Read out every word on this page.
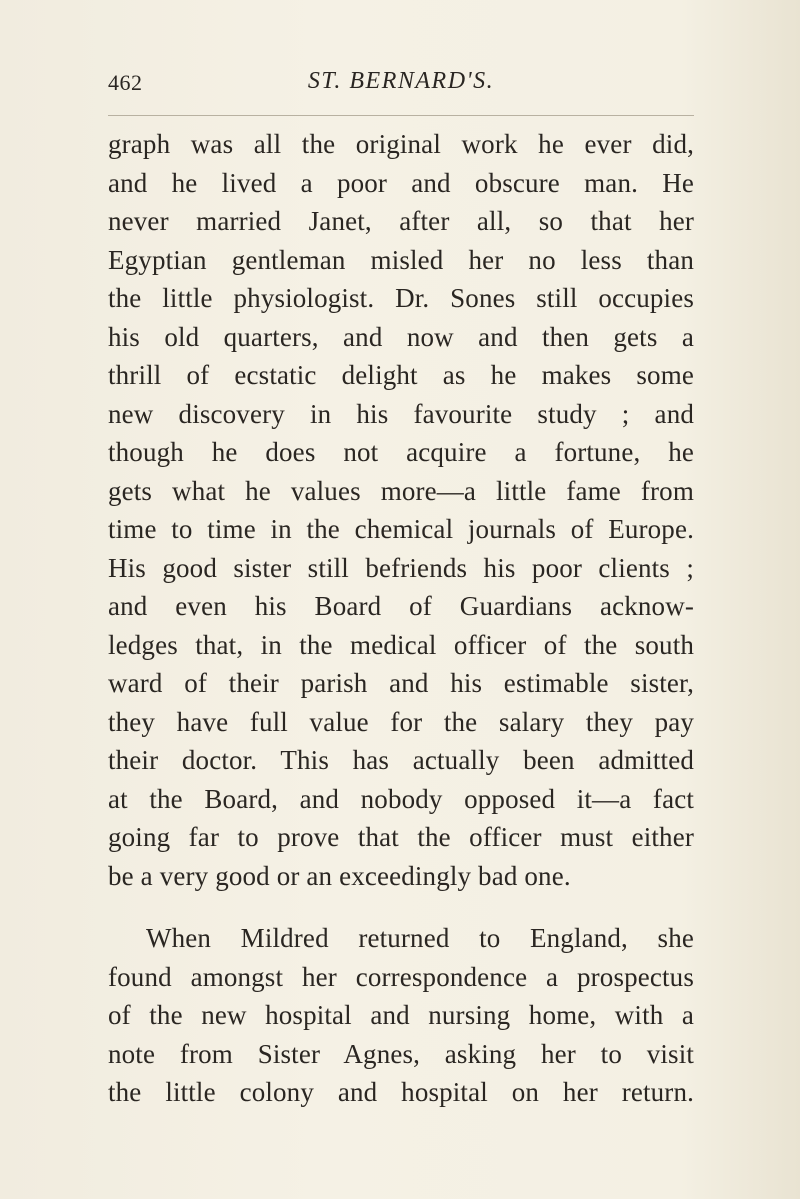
462	ST. BERNARD'S.
graph was all the original work he ever did,
and he lived a poor and obscure man. He
never married Janet, after all, so that her
Egyptian gentleman misled her no less than
the little physiologist. Dr. Sones still occupies
his old quarters, and now and then gets a
thrill of ecstatic delight as he makes some
new discovery in his favourite study ; and
though he does not acquire a fortune, he
gets what he values more—a little fame from
time to time in the chemical journals of Europe.
His good sister still befriends his poor clients ;
and even his Board of Guardians acknow-
ledges that, in the medical officer of the south
ward of their parish and his estimable sister,
they have full value for the salary they pay
their doctor. This has actually been admitted
at the Board, and nobody opposed it—a fact
going far to prove that the officer must either
be a very good or an exceedingly bad one.
When Mildred returned to England, she
found amongst her correspondence a prospectus
of the new hospital and nursing home, with a
note from Sister Agnes, asking her to visit
the little colony and hospital on her return.
